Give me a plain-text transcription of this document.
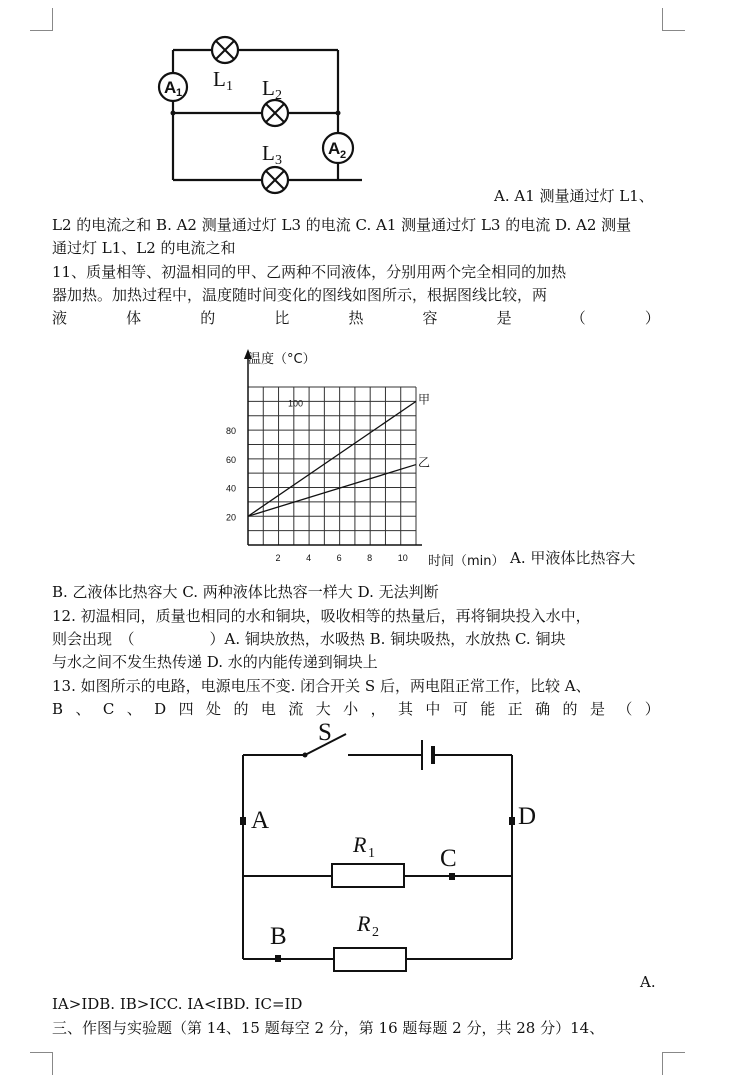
A 1
A 2
L 1 L 2
L 3
A. A1 测量通过灯 L1、
L2 的电流之和 B. A2 测量通过灯 L3 的电流 C. A1 测量通过灯 L3 的电流 D. A2 测量
通过灯 L1、L2 的电流之和
11、质量相等、初温相同的甲、乙两种不同液体，分别用两个完全相同的加热
器加热。加热过程中，温度随时间变化的图线如图所示，根据图线比较，两
液	体	的	比	热	容	是	（	）
2	4	6	8	10
20
40
60
80
100
温度（°C）
时间（min）
甲
乙
A. 甲液体比热容大
B. 乙液体比热容大 C. 两种液体比热容一样大 D. 无法判断
12. 初温相同，质量也相同的水和铜块，吸收相等的热量后，再将铜块投入水中，
则会出现　（　　　　　）A. 铜块放热，水吸热 B. 铜块吸热，水放热 C. 铜块
与水之间不发生热传递 D. 水的内能传递到铜块上
13. 如图所示的电路，电源电压不变. 闭合开关 S 后，两电阻正常工作，比较 A、
B 、 C 、 D 四 处 的 电 流 大 小 ， 其 中 可 能 正 确 的 是 （ ）
S
A	D
C
B
R 1
R 2
A.
IA>IDB. IB>ICC. IA<IBD. IC=ID
三、作图与实验题（第 14、15 题每空 2 分，第 16 题每题 2 分，共 28 分）14、
